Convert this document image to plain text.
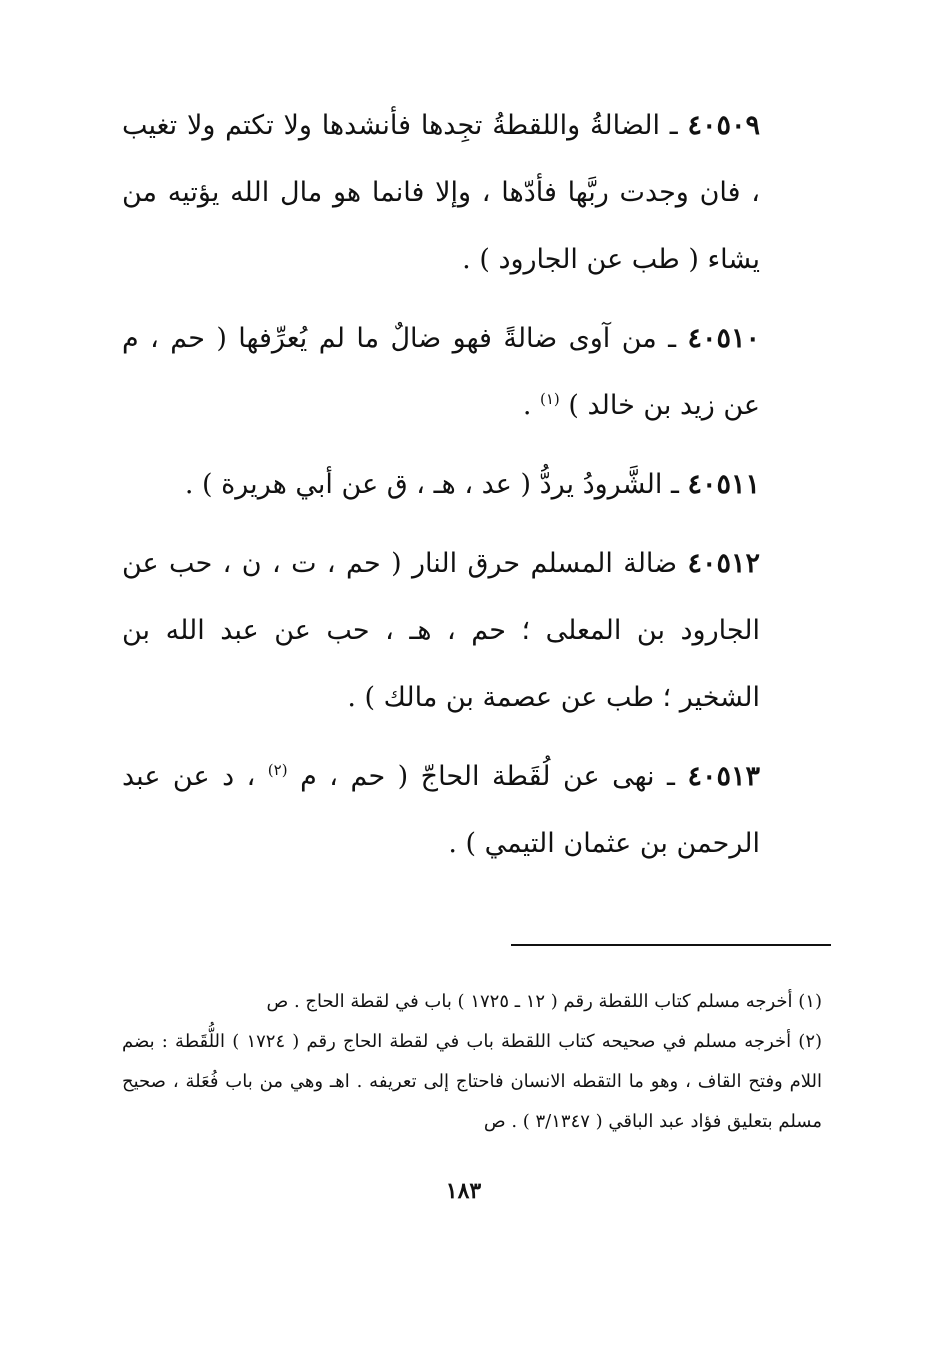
٤٠٥٠٩ ـ الضالةُ واللقطةُ تجِدها فأنشدها ولا تكتم ولا تغيب ، فان وجدت ربَّها فأدّها ، وإلا فانما هو مال الله يؤتيه من يشاء ( طب عن الجارود ) .

٤٠٥١٠ ـ من آوى ضالةً فهو ضالٌ ما لم يُعرِّفها ( حم ، م عن زيد بن خالد ) $^{(١)}$ .

٤٠٥١١ ـ الشَّرودُ يردُّ ( عد ، هـ ، ق عن أبي هريرة ) .

٤٠٥١٢ ضالة المسلم حرق النار ( حم ، ت ، ن ، حب عن الجارود بن المعلى ؛ حم ، هـ ، حب عن عبد الله بن الشخير ؛ طب عن عصمة بن مالك ) .

٤٠٥١٣ ـ نهى عن لُقَطة الحاجّ ( حم ، م $^{(٢)}$ ، د عن عبد الرحمن بن عثمان التيمي ) .

(١) أخرجه مسلم كتاب اللقطة رقم ( ١٢ ـ ١٧٢٥ ) باب في لقطة الحاج . ص

(٢) أخرجه مسلم في صحيحه كتاب اللقطة باب في لقطة الحاج رقم ( ١٧٢٤ ) اللُّقَطة : بضم اللام وفتح القاف ، وهو ما التقطه الانسان فاحتاج إلى تعريفه . اهـ وهي من باب فُعَلة ، صحيح مسلم بتعليق فؤاد عبد الباقي ( ٣/١٣٤٧ ) . ص

١٨٣
